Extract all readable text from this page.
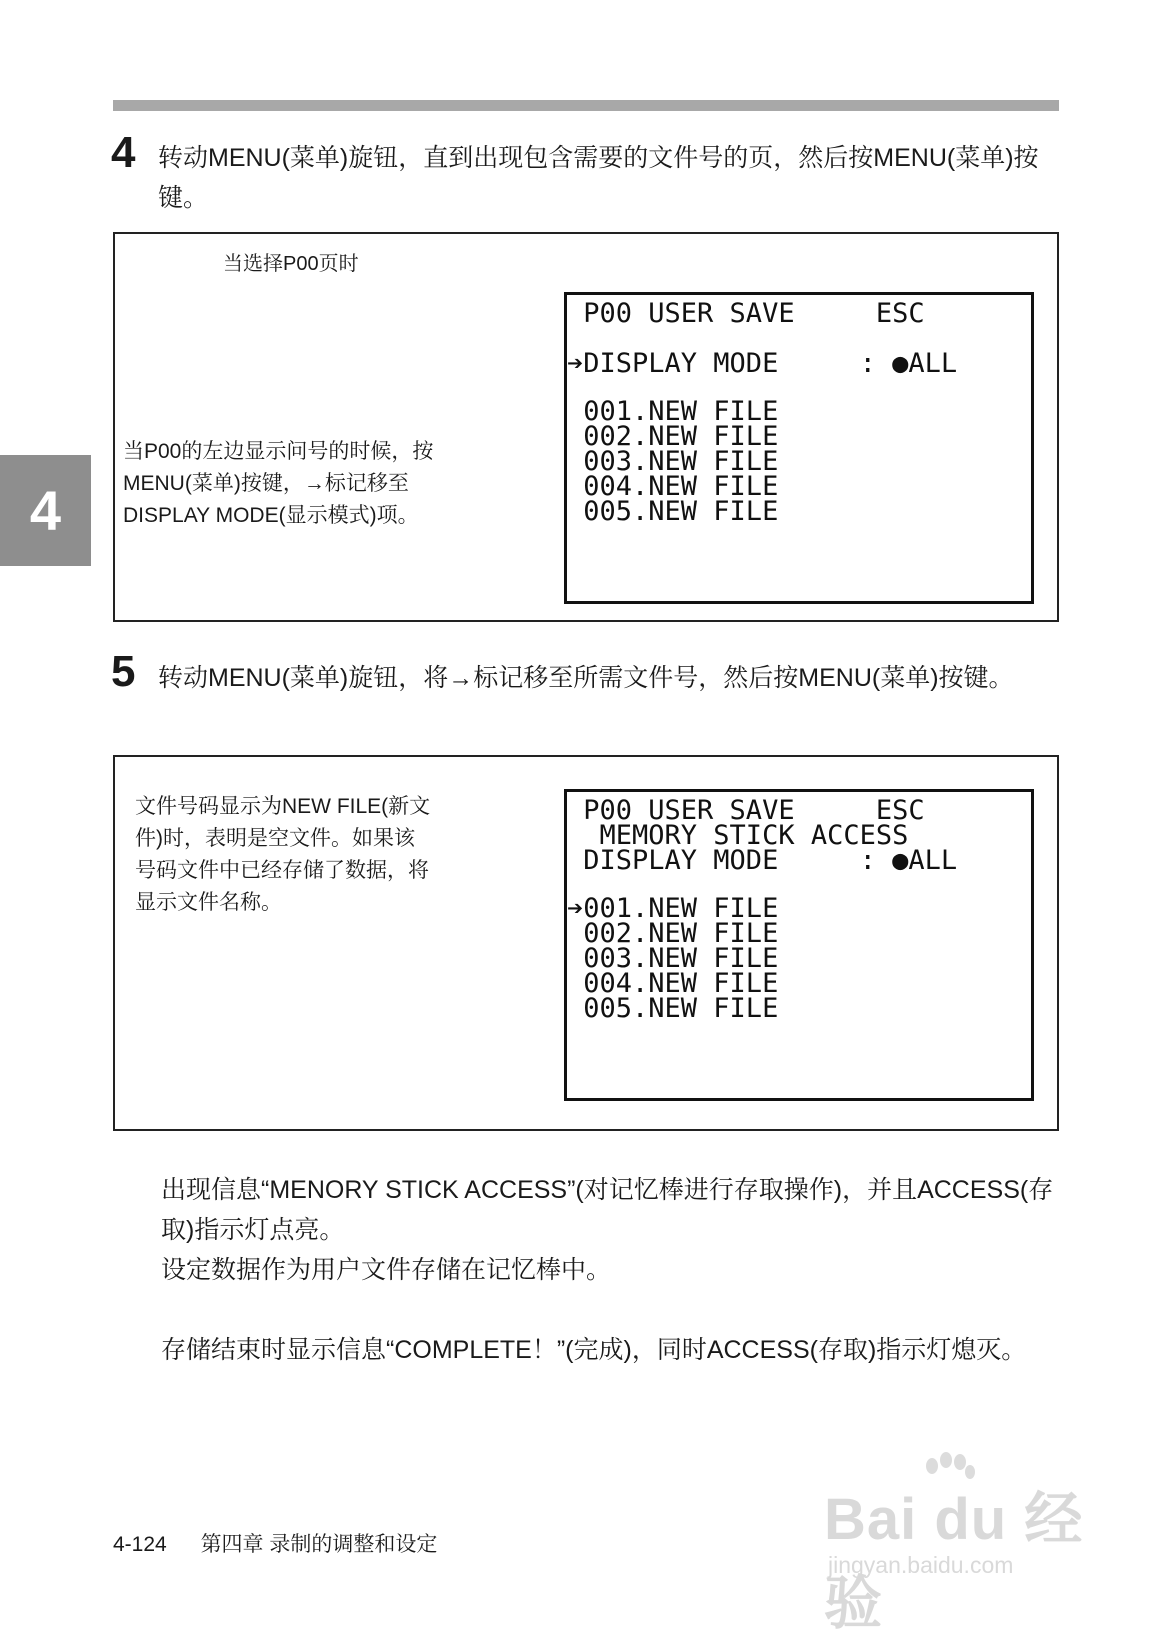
4
4 转动MENU(菜单)旋钮，直到出现包含需要的文件号的页，然后按MENU(菜单)按键。
当选择P00页时
当P00的左边显示问号的时候，按MENU(菜单)按键，→标记移至DISPLAY MODE(显示模式)项。
P00 USER SAVE     ESC
➔DISPLAY MODE     : ●ALL
001.NEW FILE
002.NEW FILE
003.NEW FILE
004.NEW FILE
005.NEW FILE
5 转动MENU(菜单)旋钮，将→标记移至所需文件号，然后按MENU(菜单)按键。
文件号码显示为NEW FILE(新文件)时，表明是空文件。如果该号码文件中已经存储了数据，将显示文件名称。
P00 USER SAVE     ESC
MEMORY STICK ACCESS
DISPLAY MODE     : ●ALL
➔001.NEW FILE
002.NEW FILE
003.NEW FILE
004.NEW FILE
005.NEW FILE
出现信息“MENORY STICK ACCESS”(对记忆棒进行存取操作)，并且ACCESS(存取)指示灯点亮。
设定数据作为用户文件存储在记忆棒中。
存储结束时显示信息“COMPLETE！”(完成)，同时ACCESS(存取)指示灯熄灭。
4-124 第四章 录制的调整和设定	Bai du 经验
jingyan.baidu.com
